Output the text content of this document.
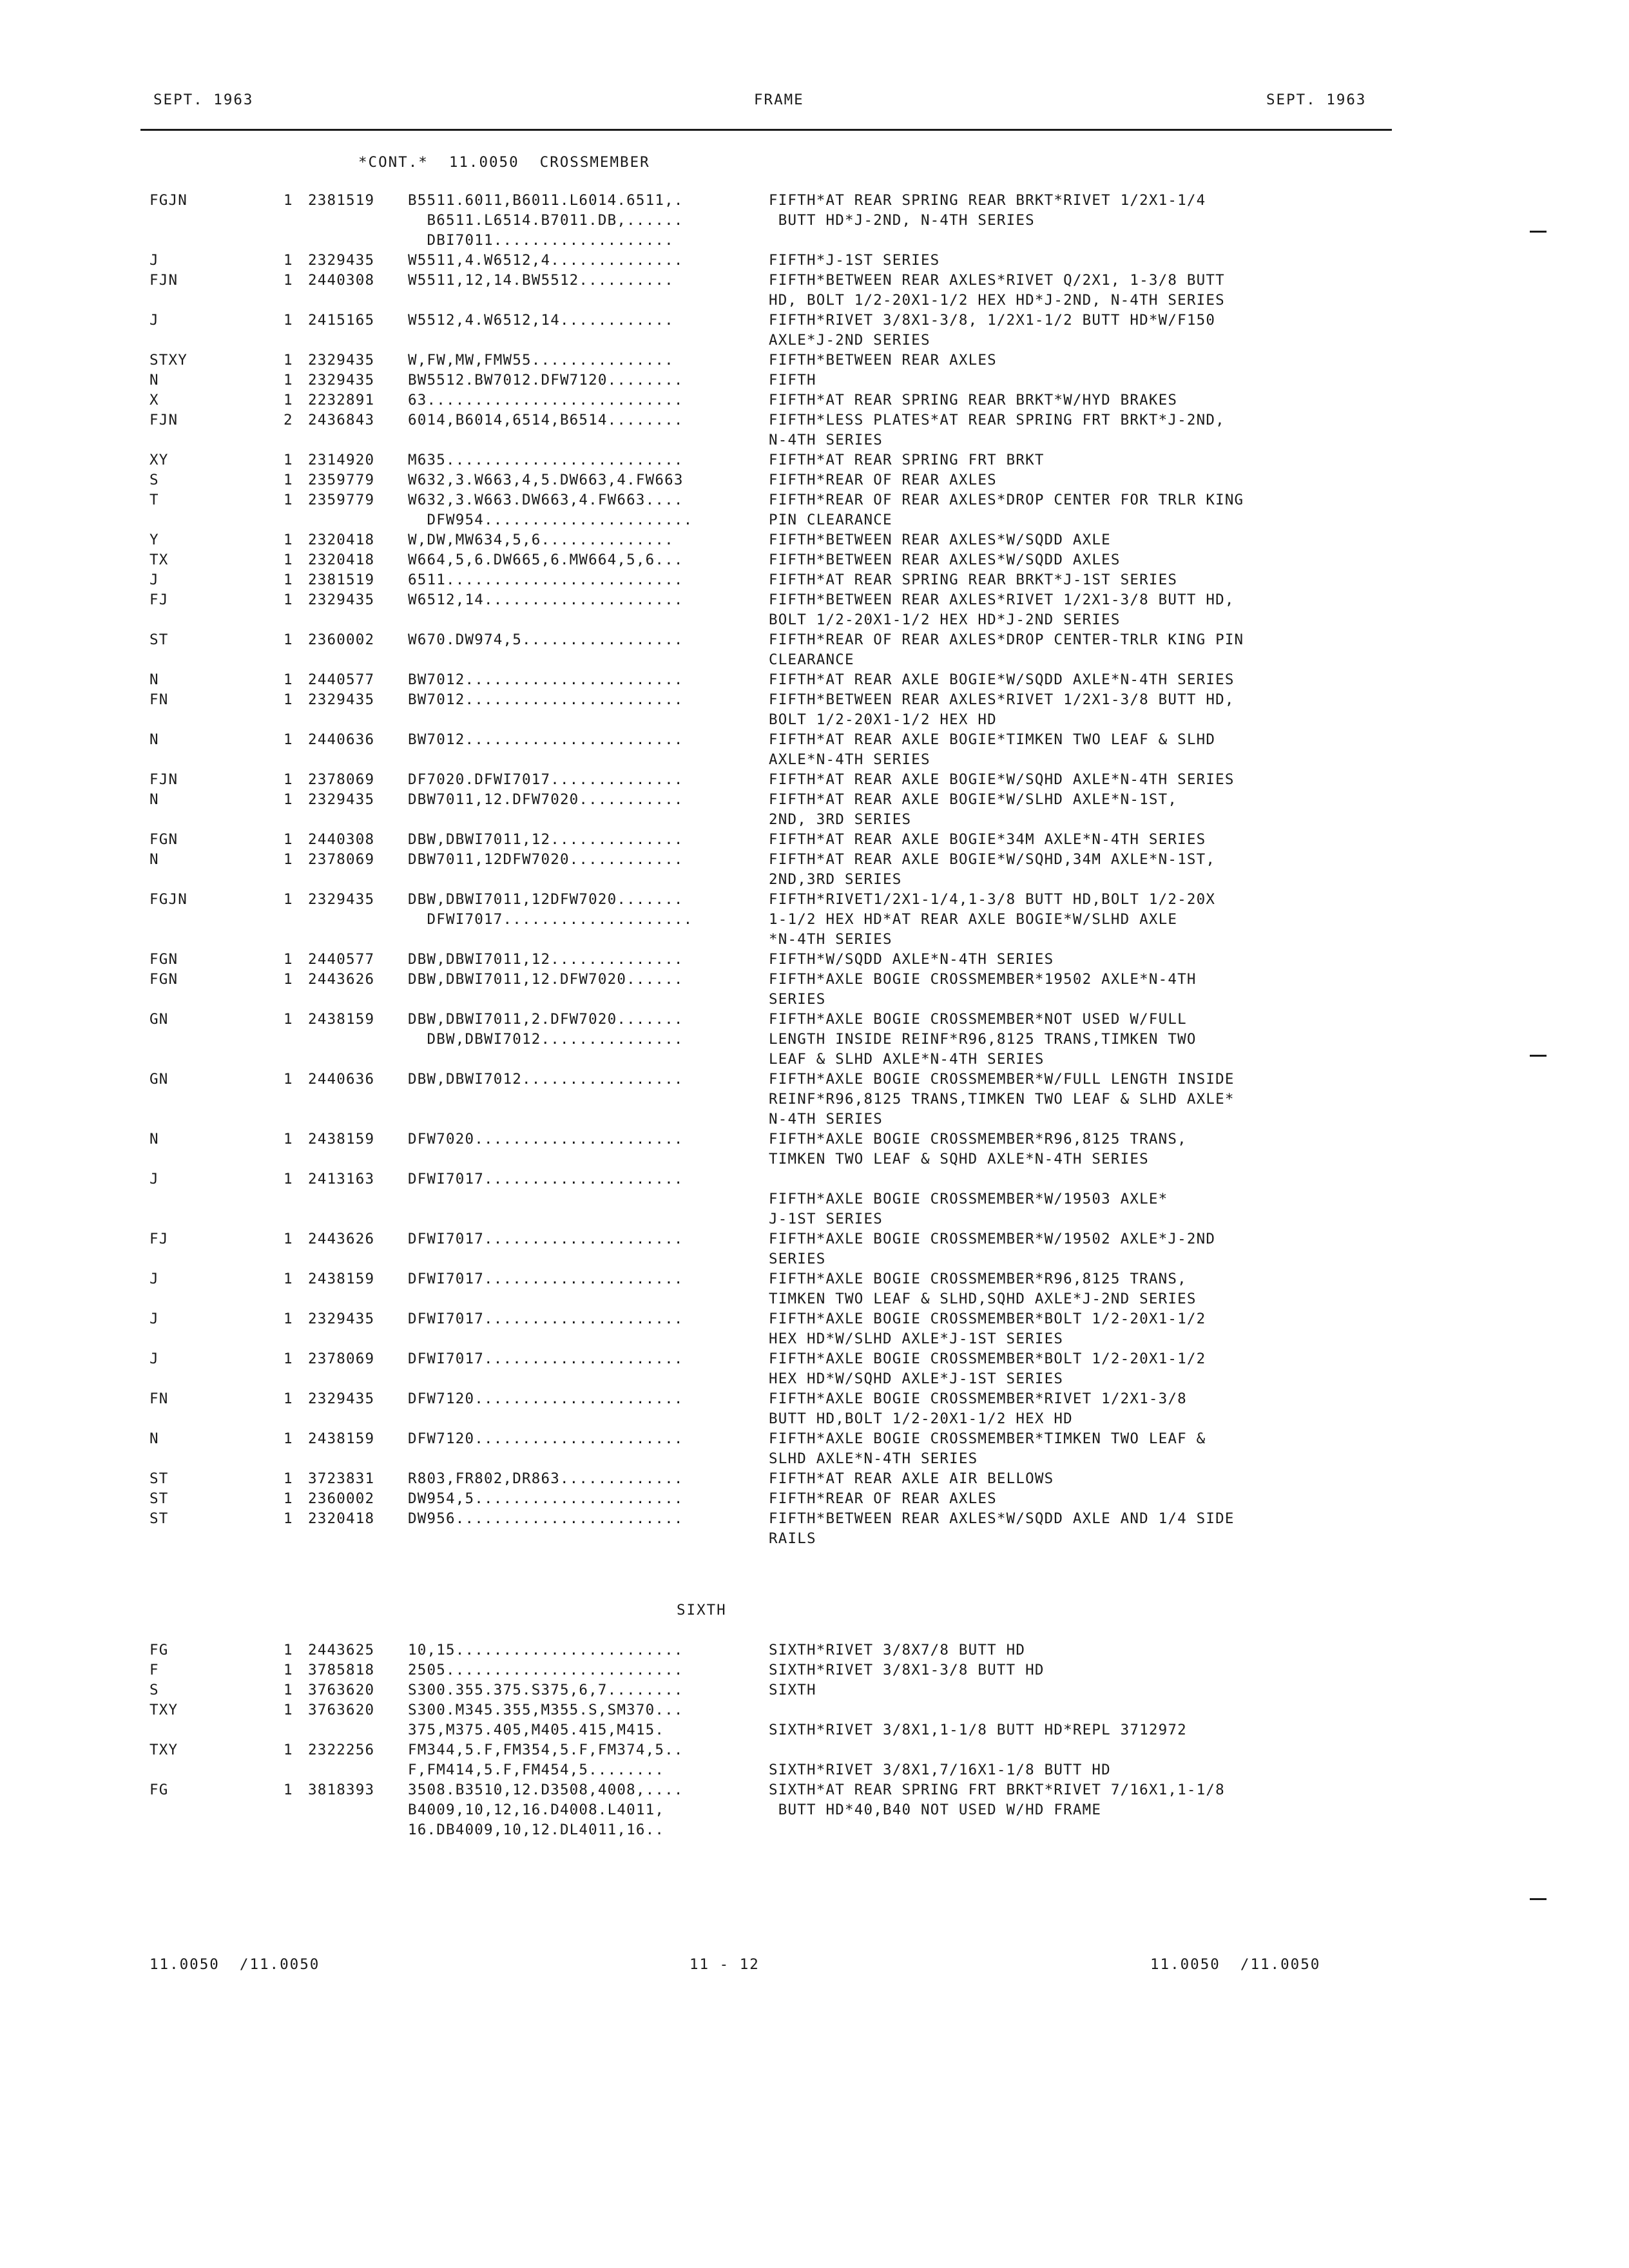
SEPT. 1963	FRAME	SEPT. 1963
*CONT.* 11.0050 CROSSMEMBER
FGJN	1 2381519 B5511.6011,B6011.L6014.6511,.	FIFTH*AT REAR SPRING REAR BRKT*RIVET 1/2X1-1/4
B6511.L6514.B7011.DB,......	BUTT HD*J-2ND, N-4TH SERIES
DBI7011...................
J	1 2329435 W5511,4.W6512,4..............	FIFTH*J-1ST SERIES
FJN	1 2440308 W5511,12,14.BW5512..........	FIFTH*BETWEEN REAR AXLES*RIVET Q/2X1, 1-3/8 BUTT
HD, BOLT 1/2-20X1-1/2 HEX HD*J-2ND, N-4TH SERIES
J	1 2415165 W5512,4.W6512,14............	FIFTH*RIVET 3/8X1-3/8, 1/2X1-1/2 BUTT HD*W/F150
AXLE*J-2ND SERIES
STXY	1 2329435 W,FW,MW,FMW55...............	FIFTH*BETWEEN REAR AXLES
N	1 2329435 BW5512.BW7012.DFW7120........	FIFTH
X	1 2232891 63...........................	FIFTH*AT REAR SPRING REAR BRKT*W/HYD BRAKES
FJN	2 2436843 6014,B6014,6514,B6514........	FIFTH*LESS PLATES*AT REAR SPRING FRT BRKT*J-2ND,
N-4TH SERIES
XY	1 2314920 M635.........................	FIFTH*AT REAR SPRING FRT BRKT
S	1 2359779 W632,3.W663,4,5.DW663,4.FW663	FIFTH*REAR OF REAR AXLES
T	1 2359779 W632,3.W663.DW663,4.FW663....	FIFTH*REAR OF REAR AXLES*DROP CENTER FOR TRLR KING
DFW954......................	PIN CLEARANCE
Y	1 2320418 W,DW,MW634,5,6..............	FIFTH*BETWEEN REAR AXLES*W/SQDD AXLE
TX	1 2320418 W664,5,6.DW665,6.MW664,5,6...	FIFTH*BETWEEN REAR AXLES*W/SQDD AXLES
J	1 2381519 6511.........................	FIFTH*AT REAR SPRING REAR BRKT*J-1ST SERIES
FJ	1 2329435 W6512,14.....................	FIFTH*BETWEEN REAR AXLES*RIVET 1/2X1-3/8 BUTT HD,
BOLT 1/2-20X1-1/2 HEX HD*J-2ND SERIES
ST	1 2360002 W670.DW974,5.................	FIFTH*REAR OF REAR AXLES*DROP CENTER-TRLR KING PIN
CLEARANCE
N	1 2440577 BW7012.......................	FIFTH*AT REAR AXLE BOGIE*W/SQDD AXLE*N-4TH SERIES
FN	1 2329435 BW7012.......................	FIFTH*BETWEEN REAR AXLES*RIVET 1/2X1-3/8 BUTT HD,
BOLT 1/2-20X1-1/2 HEX HD
N	1 2440636 BW7012.......................	FIFTH*AT REAR AXLE BOGIE*TIMKEN TWO LEAF & SLHD
AXLE*N-4TH SERIES
FJN	1 2378069 DF7020.DFWI7017..............	FIFTH*AT REAR AXLE BOGIE*W/SQHD AXLE*N-4TH SERIES
N	1 2329435 DBW7011,12.DFW7020...........	FIFTH*AT REAR AXLE BOGIE*W/SLHD AXLE*N-1ST,
2ND, 3RD SERIES
FGN	1 2440308 DBW,DBWI7011,12..............	FIFTH*AT REAR AXLE BOGIE*34M AXLE*N-4TH SERIES
N	1 2378069 DBW7011,12DFW7020............	FIFTH*AT REAR AXLE BOGIE*W/SQHD,34M AXLE*N-1ST,
2ND,3RD SERIES
FGJN	1 2329435 DBW,DBWI7011,12DFW7020.......	FIFTH*RIVET1/2X1-1/4,1-3/8 BUTT HD,BOLT 1/2-20X
DFWI7017....................	1-1/2 HEX HD*AT REAR AXLE BOGIE*W/SLHD AXLE
*N-4TH SERIES
FGN	1 2440577 DBW,DBWI7011,12..............	FIFTH*W/SQDD AXLE*N-4TH SERIES
FGN	1 2443626 DBW,DBWI7011,12.DFW7020......	FIFTH*AXLE BOGIE CROSSMEMBER*19502 AXLE*N-4TH
SERIES
GN	1 2438159 DBW,DBWI7011,2.DFW7020.......	FIFTH*AXLE BOGIE CROSSMEMBER*NOT USED W/FULL
DBW,DBWI7012...............	LENGTH INSIDE REINF*R96,8125 TRANS,TIMKEN TWO
LEAF & SLHD AXLE*N-4TH SERIES
GN	1 2440636 DBW,DBWI7012.................	FIFTH*AXLE BOGIE CROSSMEMBER*W/FULL LENGTH INSIDE
REINF*R96,8125 TRANS,TIMKEN TWO LEAF & SLHD AXLE*
N-4TH SERIES
N	1 2438159 DFW7020......................	FIFTH*AXLE BOGIE CROSSMEMBER*R96,8125 TRANS,
TIMKEN TWO LEAF & SQHD AXLE*N-4TH SERIES
J	1 2413163 DFWI7017.....................
FIFTH*AXLE BOGIE CROSSMEMBER*W/19503 AXLE*
J-1ST SERIES
FJ	1 2443626 DFWI7017.....................	FIFTH*AXLE BOGIE CROSSMEMBER*W/19502 AXLE*J-2ND
SERIES
J	1 2438159 DFWI7017.....................	FIFTH*AXLE BOGIE CROSSMEMBER*R96,8125 TRANS,
TIMKEN TWO LEAF & SLHD,SQHD AXLE*J-2ND SERIES
J	1 2329435 DFWI7017.....................	FIFTH*AXLE BOGIE CROSSMEMBER*BOLT 1/2-20X1-1/2
HEX HD*W/SLHD AXLE*J-1ST SERIES
J	1 2378069 DFWI7017.....................	FIFTH*AXLE BOGIE CROSSMEMBER*BOLT 1/2-20X1-1/2
HEX HD*W/SQHD AXLE*J-1ST SERIES
FN	1 2329435 DFW7120......................	FIFTH*AXLE BOGIE CROSSMEMBER*RIVET 1/2X1-3/8
BUTT HD,BOLT 1/2-20X1-1/2 HEX HD
N	1 2438159 DFW7120......................	FIFTH*AXLE BOGIE CROSSMEMBER*TIMKEN TWO LEAF &
SLHD AXLE*N-4TH SERIES
ST	1 3723831 R803,FR802,DR863.............	FIFTH*AT REAR AXLE AIR BELLOWS
ST	1 2360002 DW954,5......................	FIFTH*REAR OF REAR AXLES
ST	1 2320418 DW956........................	FIFTH*BETWEEN REAR AXLES*W/SQDD AXLE AND 1/4 SIDE
RAILS
SIXTH
FG	1 2443625 10,15........................	SIXTH*RIVET 3/8X7/8 BUTT HD
F	1 3785818 2505.........................	SIXTH*RIVET 3/8X1-3/8 BUTT HD
S	1 3763620 S300.355.375.S375,6,7........	SIXTH
TXY	1 3763620 S300.M345.355,M355.S,SM370...
375,M375.405,M405.415,M415.	SIXTH*RIVET 3/8X1,1-1/8 BUTT HD*REPL 3712972
TXY	1 2322256 FM344,5.F,FM354,5.F,FM374,5..
F,FM414,5.F,FM454,5........	SIXTH*RIVET 3/8X1,7/16X1-1/8 BUTT HD
FG	1 3818393 3508.B3510,12.D3508,4008,....	SIXTH*AT REAR SPRING FRT BRKT*RIVET 7/16X1,1-1/8
B4009,10,12,16.D4008.L4011,	BUTT HD*40,B40 NOT USED W/HD FRAME
16.DB4009,10,12.DL4011,16..
11.0050  /11.0050	11 - 12	11.0050  /11.0050
